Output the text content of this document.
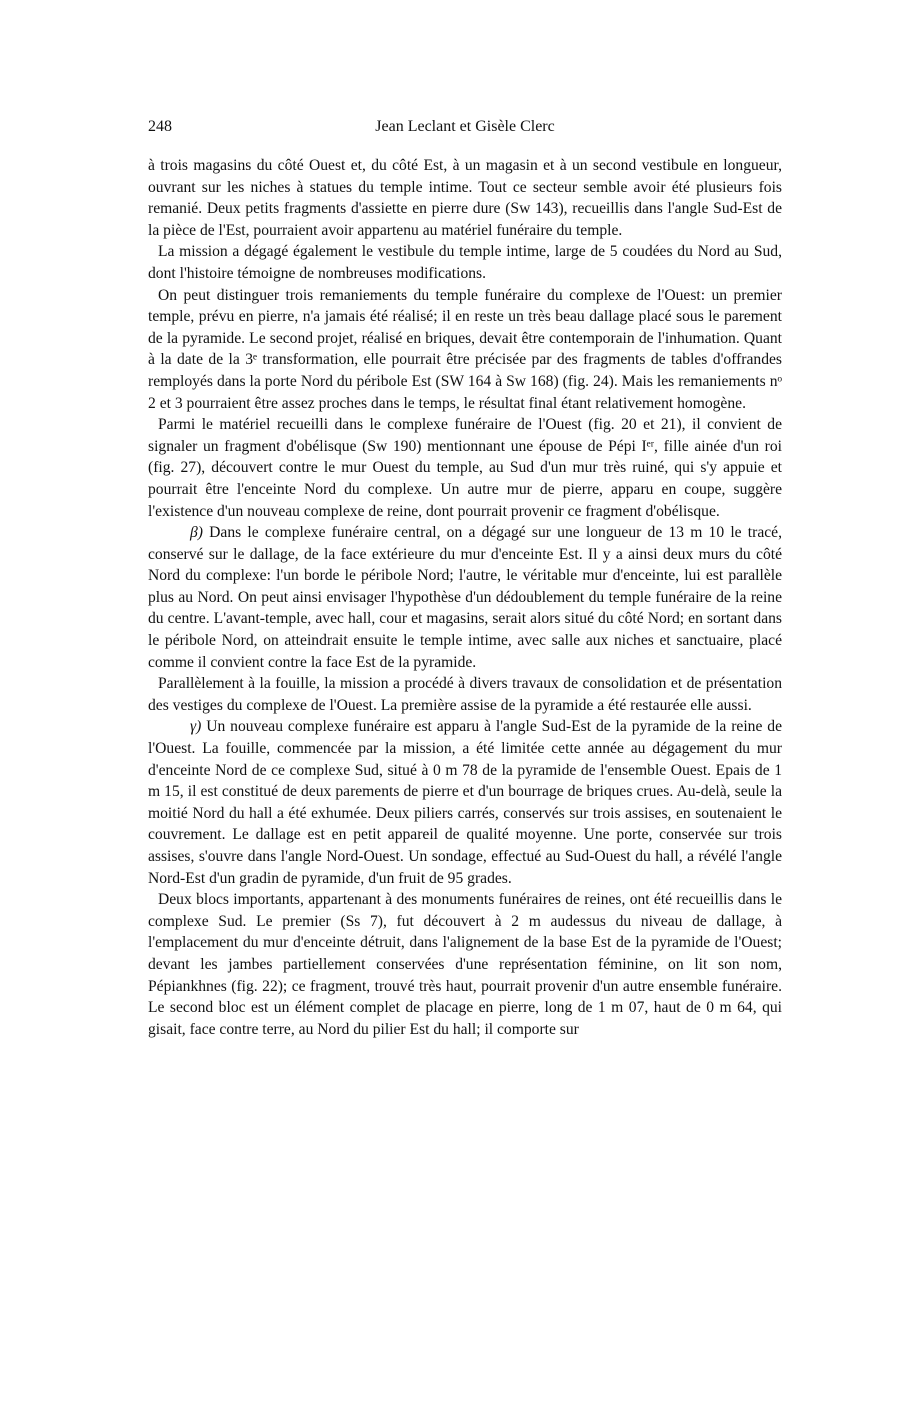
248	Jean Leclant et Gisèle Clerc

à trois magasins du côté Ouest et, du côté Est, à un magasin et à un second vestibule en longueur, ouvrant sur les niches à statues du temple intime. Tout ce secteur semble avoir été plusieurs fois remanié. Deux petits fragments d'assiette en pierre dure (Sw 143), recueillis dans l'angle Sud-Est de la pièce de l'Est, pourraient avoir appartenu au matériel funéraire du temple.

La mission a dégagé également le vestibule du temple intime, large de 5 coudées du Nord au Sud, dont l'histoire témoigne de nombreuses modifications.

On peut distinguer trois remaniements du temple funéraire du complexe de l'Ouest: un premier temple, prévu en pierre, n'a jamais été réalisé; il en reste un très beau dallage placé sous le parement de la pyramide. Le second projet, réalisé en briques, devait être contemporain de l'inhumation. Quant à la date de la 3ᵉ transformation, elle pourrait être précisée par des fragments de tables d'offrandes remployés dans la porte Nord du péribole Est (SW 164 à Sw 168) (fig. 24). Mais les remaniements nᵒ 2 et 3 pourraient être assez proches dans le temps, le résultat final étant relativement homogène.

Parmi le matériel recueilli dans le complexe funéraire de l'Ouest (fig. 20 et 21), il convient de signaler un fragment d'obélisque (Sw 190) mentionnant une épouse de Pépi Iᵉʳ, fille ainée d'un roi (fig. 27), découvert contre le mur Ouest du temple, au Sud d'un mur très ruiné, qui s'y appuie et pourrait être l'enceinte Nord du complexe. Un autre mur de pierre, apparu en coupe, suggère l'existence d'un nouveau complexe de reine, dont pourrait provenir ce fragment d'obélisque.

β) Dans le complexe funéraire central, on a dégagé sur une longueur de 13 m 10 le tracé, conservé sur le dallage, de la face extérieure du mur d'enceinte Est. Il y a ainsi deux murs du côté Nord du complexe: l'un borde le péribole Nord; l'autre, le véritable mur d'enceinte, lui est parallèle plus au Nord. On peut ainsi envisager l'hypothèse d'un dédoublement du temple funéraire de la reine du centre. L'avant-temple, avec hall, cour et magasins, serait alors situé du côté Nord; en sortant dans le péribole Nord, on atteindrait ensuite le temple intime, avec salle aux niches et sanctuaire, placé comme il convient contre la face Est de la pyramide.

Parallèlement à la fouille, la mission a procédé à divers travaux de consolidation et de présentation des vestiges du complexe de l'Ouest. La première assise de la pyramide a été restaurée elle aussi.

γ) Un nouveau complexe funéraire est apparu à l'angle Sud-Est de la pyramide de la reine de l'Ouest. La fouille, commencée par la mission, a été limitée cette année au dégagement du mur d'enceinte Nord de ce complexe Sud, situé à 0 m 78 de la pyramide de l'ensemble Ouest. Epais de 1 m 15, il est constitué de deux parements de pierre et d'un bourrage de briques crues. Au-delà, seule la moitié Nord du hall a été exhumée. Deux piliers carrés, conservés sur trois assises, en soutenaient le couvrement. Le dallage est en petit appareil de qualité moyenne. Une porte, conservée sur trois assises, s'ouvre dans l'angle Nord-Ouest. Un sondage, effectué au Sud-Ouest du hall, a révélé l'angle Nord-Est d'un gradin de pyramide, d'un fruit de 95 grades.

Deux blocs importants, appartenant à des monuments funéraires de reines, ont été recueillis dans le complexe Sud. Le premier (Ss 7), fut découvert à 2 m audessus du niveau de dallage, à l'emplacement du mur d'enceinte détruit, dans l'alignement de la base Est de la pyramide de l'Ouest; devant les jambes partiellement conservées d'une représentation féminine, on lit son nom, Pépiankhnes (fig. 22); ce fragment, trouvé très haut, pourrait provenir d'un autre ensemble funéraire. Le second bloc est un élément complet de placage en pierre, long de 1 m 07, haut de 0 m 64, qui gisait, face contre terre, au Nord du pilier Est du hall; il comporte sur
